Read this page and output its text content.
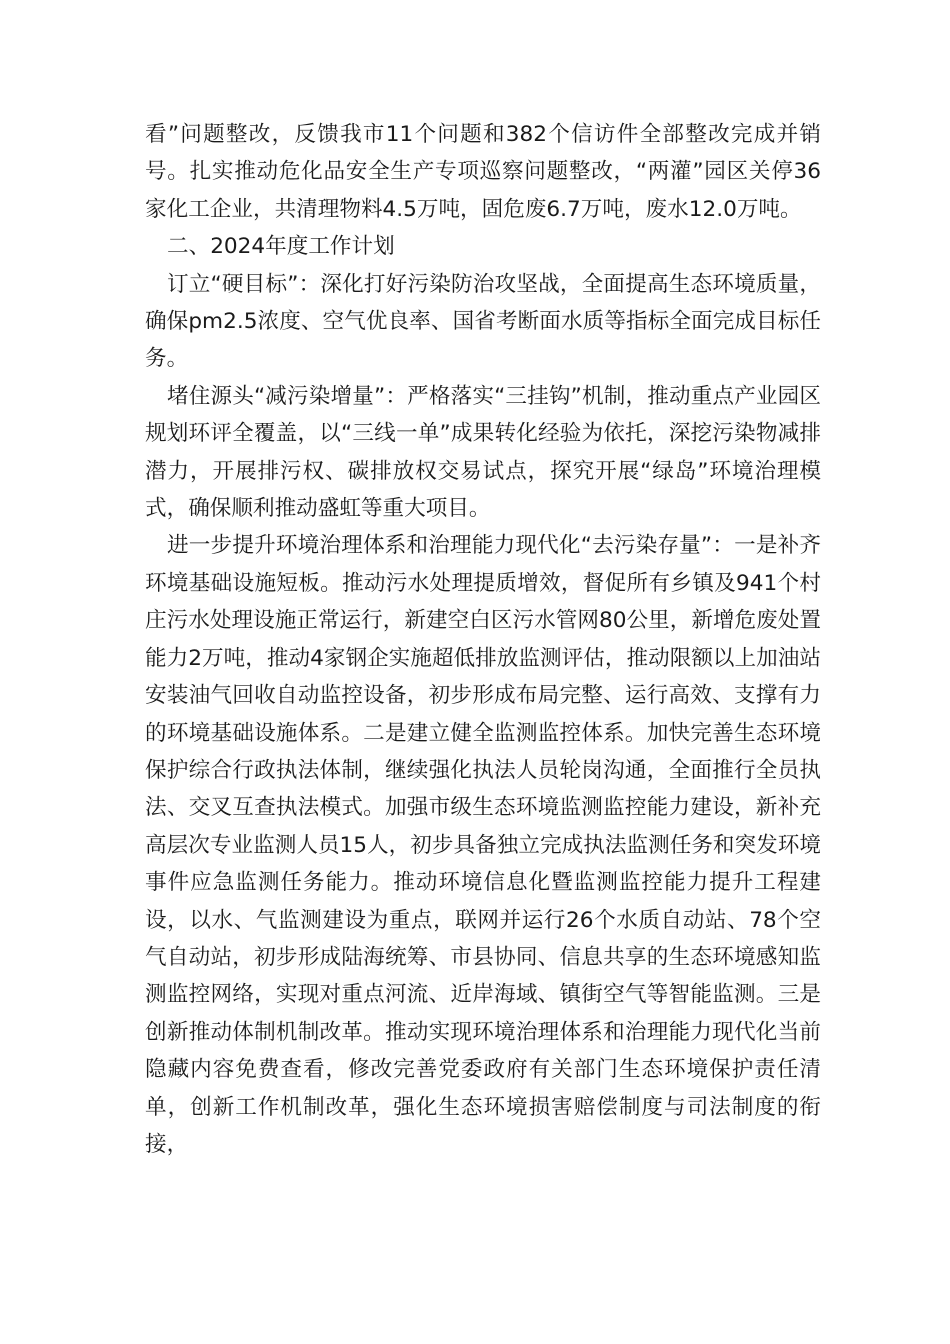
看”问题整改，反馈我市11个问题和382个信访件全部整改完成并销号。扎实推动危化品安全生产专项巡察问题整改，“两灌”园区关停36家化工企业，共清理物料4.5万吨，固危废6.7万吨，废水12.0万吨。

二、2024年度工作计划

订立“硬目标”：深化打好污染防治攻坚战，全面提高生态环境质量，确保pm2.5浓度、空气优良率、国省考断面水质等指标全面完成目标任务。

堵住源头“减污染增量”：严格落实“三挂钩”机制，推动重点产业园区规划环评全覆盖，以“三线一单”成果转化经验为依托，深挖污染物减排潜力，开展排污权、碳排放权交易试点，探究开展“绿岛”环境治理模式，确保顺利推动盛虹等重大项目。

进一步提升环境治理体系和治理能力现代化“去污染存量”：一是补齐环境基础设施短板。推动污水处理提质增效，督促所有乡镇及941个村庄污水处理设施正常运行，新建空白区污水管网80公里，新增危废处置能力2万吨，推动4家钢企实施超低排放监测评估，推动限额以上加油站安装油气回收自动监控设备，初步形成布局完整、运行高效、支撑有力的环境基础设施体系。二是建立健全监测监控体系。加快完善生态环境保护综合行政执法体制，继续强化执法人员轮岗沟通，全面推行全员执法、交叉互查执法模式。加强市级生态环境监测监控能力建设，新补充高层次专业监测人员15人，初步具备独立完成执法监测任务和突发环境事件应急监测任务能力。推动环境信息化暨监测监控能力提升工程建设，以水、气监测建设为重点，联网并运行26个水质自动站、78个空气自动站，初步形成陆海统筹、市县协同、信息共享的生态环境感知监测监控网络，实现对重点河流、近岸海域、镇街空气等智能监测。三是创新推动体制机制改革。推动实现环境治理体系和治理能力现代化当前隐藏内容免费查看，修改完善党委政府有关部门生态环境保护责任清单，创新工作机制改革，强化生态环境损害赔偿制度与司法制度的衔接，
